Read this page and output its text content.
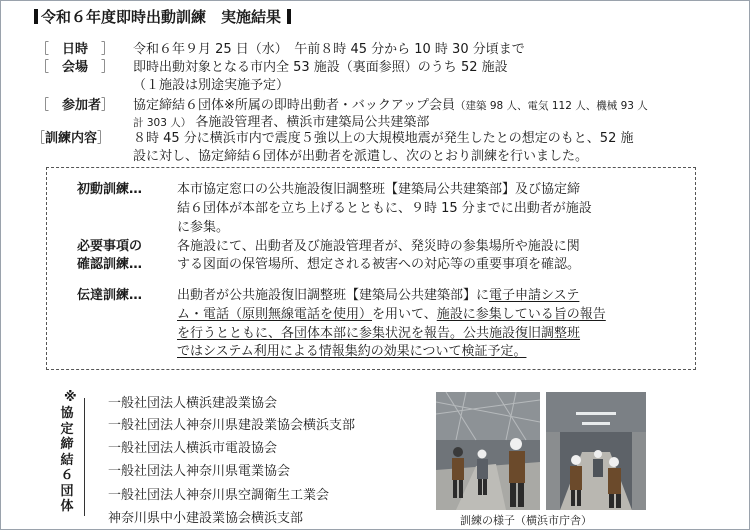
令和６年度即時出動訓練　実施結果
［　日時　］ 令和６年９月 25 日（水）　午前８時 45 分から 10 時 30 分頃まで
［　会場　］ 即時出動対象となる市内全 53 施設（裏面参照）のうち 52 施設
（１施設は別途実施予定）
［　参加者］ 協定締結６団体※所属の即時出動者・バックアップ会員（建築 98 人、電気 112 人、機械 93 人
計 303 人） 各施設管理者、横浜市建築局公共建築部
［訓練内容］ ８時 45 分に横浜市内で震度５強以上の大規模地震が発生したとの想定のもと、52 施
設に対し、協定締結６団体が出動者を派遣し、次のとおり訓練を行いました。
初動訓練…	本市協定窓口の公共施設復旧調整班【建築局公共建築部】及び協定締
結６団体が本部を立ち上げるとともに、９時 15 分までに出動者が施設
に参集。
必要事項の
確認訓練…
各施設にて、出動者及び施設管理者が、発災時の参集場所や施設に関
する図面の保管場所、想定される被害への対応等の重要事項を確認。
伝達訓練…	出動者が公共施設復旧調整班【建築局公共建築部】に電子申請システ
ム・電話（原則無線電話を使用）を用いて、施設に参集している旨の報告
を行うとともに、各団体本部に参集状況を報告。公共施設復旧調整班
ではシステム利用による情報集約の効果について検証予定。
※
協
定
締
結
６
団
体
一般社団法人横浜建設業協会
一般社団法人神奈川県建設業協会横浜支部
一般社団法人横浜市電設協会
一般社団法人神奈川県電業協会
一般社団法人神奈川県空調衛生工業会
神奈川県中小建設業協会横浜支部	訓練の様子（横浜市庁舎）
